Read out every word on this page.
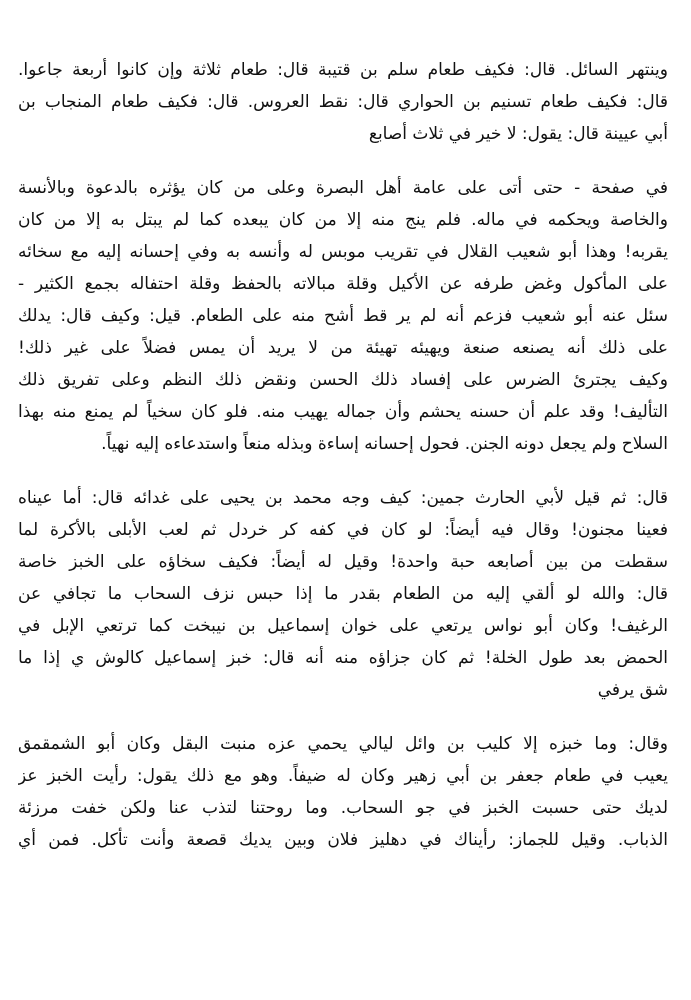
وينتهر السائل. قال: فكيف طعام سلم بن قتيبة قال: طعام ثلاثة وإن كانوا أربعة جاعوا.
قال: فكيف طعام تسنيم بن الحواري قال: نقط العروس. قال: فكيف طعام المنجاب بن
أبي عيينة قال: يقول: لا خير في ثلاث أصابع
في صفحة - حتى أتى على عامة أهل البصرة وعلى من كان يؤثره بالدعوة وبالأنسة
والخاصة ويحكمه في ماله. فلم ينج منه إلا من كان يبعده كما لم يبتل به إلا من كان
يقربه! وهذا أبو شعيب القلال في تقريب موبس له وأنسه به وفي إحسانه إليه مع سخائه
على المأكول وغض طرفه عن الأكيل وقلة مبالاته بالحفظ وقلة احتفاله بجمع الكثير -
سئل عنه أبو شعيب فزعم أنه لم ير قط أشح منه على الطعام. قيل: وكيف قال: يدلك
على ذلك أنه يصنعه صنعة ويهيئه تهيئة من لا يريد أن يمس فضلاً على غير ذلك!
وكيف يجترئ الضرس على إفساد ذلك الحسن ونقض ذلك النظم وعلى تفريق ذلك
التأليف! وقد علم أن حسنه يحشم وأن جماله يهيب منه. فلو كان سخياً لم يمنع منه بهذا
السلاح ولم يجعل دونه الجنن. فحول إحسانه إساءة وبذله منعاً واستدعاءه إليه نهياً.
قال: ثم قيل لأبي الحارث جمين: كيف وجه محمد بن يحيى على غدائه قال: أما عيناه
فعينا مجنون! وقال فيه أيضاً: لو كان في كفه كر خردل ثم لعب الأبلى بالأكرة لما
سقطت من بين أصابعه حبة واحدة! وقيل له أيضاً: فكيف سخاؤه على الخبز خاصة
قال: والله لو ألقي إليه من الطعام بقدر ما إذا حبس نزف السحاب ما تجافي عن
الرغيف! وكان أبو نواس يرتعي على خوان إسماعيل بن نيبخت كما ترتعي الإبل في
الحمض بعد طول الخلة! ثم كان جزاؤه منه أنه قال: خبز إسماعيل كالوش ي إذا ما
شق يرفي
وقال: وما خبزه إلا كليب بن وائل ليالي يحمي عزه منبت البقل وكان أبو الشمقمق
يعيب في طعام جعفر بن أبي زهير وكان له ضيفاً. وهو مع ذلك يقول: رأيت الخبز عز
لديك حتى حسبت الخبز في جو السحاب. وما روحتنا لتذب عنا ولكن خفت مرزئة
الذباب. وقيل للجماز: رأيناك في دهليز فلان وبين يديك قصعة وأنت تأكل. فمن أي
